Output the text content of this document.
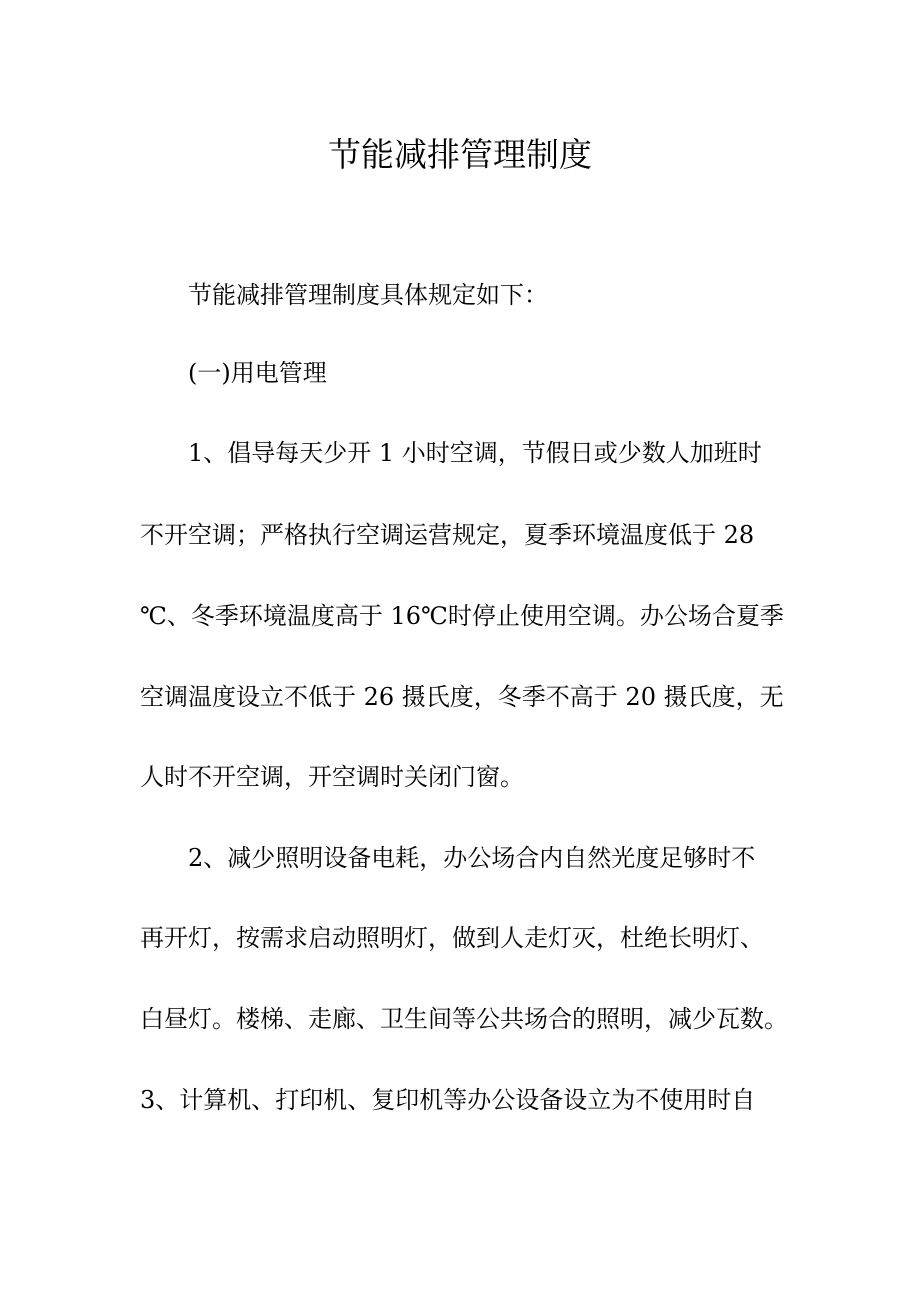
节能减排管理制度
节能减排管理制度具体规定如下：
(一)用电管理
1、倡导每天少开 1 小时空调，节假日或少数人加班时
不开空调；严格执行空调运营规定，夏季环境温度低于 28
℃、冬季环境温度高于 16℃时停止使用空调。办公场合夏季
空调温度设立不低于 26 摄氏度，冬季不高于 20 摄氏度，无
人时不开空调，开空调时关闭门窗。
2、减少照明设备电耗，办公场合内自然光度足够时不
再开灯，按需求启动照明灯，做到人走灯灭，杜绝长明灯、
白昼灯。楼梯、走廊、卫生间等公共场合的照明，减少瓦数。
3、计算机、打印机、复印机等办公设备设立为不使用时自
